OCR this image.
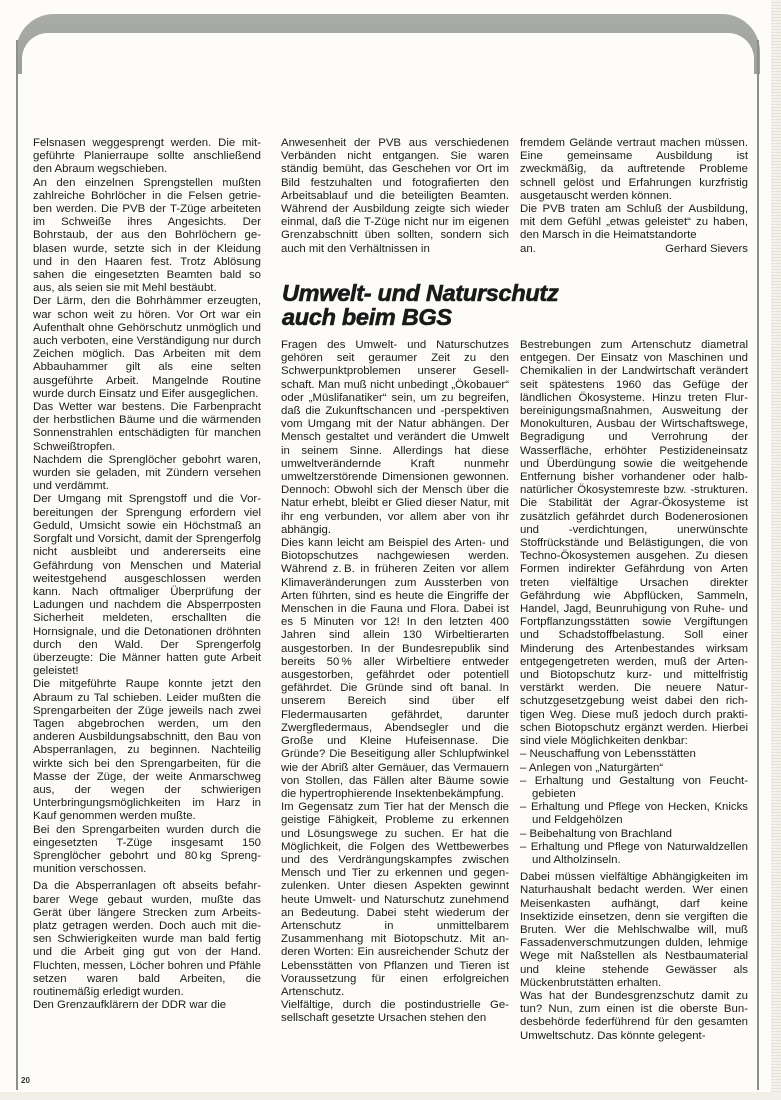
Felsnasen weggesprengt werden. Die mitgeführte Planierraupe sollte anschließend den Abraum wegschieben.

An den einzelnen Sprengstellen mußten zahlreiche Bohrlöcher in die Felsen getrieben werden. Die PVB der T-Züge arbeiteten im Schweiße ihres Angesichts. Der Bohrstaub, der aus den Bohrlöchern geblasen wurde, setzte sich in der Kleidung und in den Haaren fest. Trotz Ablösung sahen die eingesetzten Beamten bald so aus, als seien sie mit Mehl bestäubt.

Der Lärm, den die Bohrhämmer erzeugten, war schon weit zu hören. Vor Ort war ein Aufenthalt ohne Gehörschutz unmöglich und auch verboten, eine Verständigung nur durch Zeichen möglich. Das Arbeiten mit dem Abbauhammer gilt als eine selten ausgeführte Arbeit. Mangelnde Routine wurde durch Einsatz und Eifer ausgeglichen.

Das Wetter war bestens. Die Farbenpracht der herbstlichen Bäume und die wärmenden Sonnenstrahlen entschädigten für manchen Schweißtropfen.

Nachdem die Sprenglöcher gebohrt waren, wurden sie geladen, mit Zündern versehen und verdämmt.

Der Umgang mit Sprengstoff und die Vorbereitungen der Sprengung erfordern viel Geduld, Umsicht sowie ein Höchstmaß an Sorgfalt und Vorsicht, damit der Sprengerfolg nicht ausbleibt und andererseits eine Gefährdung von Menschen und Material weitestgehend ausgeschlossen werden kann. Nach oftmaliger Überprüfung der Ladungen und nachdem die Absperrposten Sicherheit meldeten, erschallten die Hornsignale, und die Detonationen dröhnten durch den Wald. Der Sprengerfolg überzeugte: Die Männer hatten gute Arbeit geleistet!

Die mitgeführte Raupe konnte jetzt den Abraum zu Tal schieben. Leider mußten die Sprengarbeiten der Züge jeweils nach zwei Tagen abgebrochen werden, um den anderen Ausbildungsabschnitt, den Bau von Absperranlagen, zu beginnen. Nachteilig wirkte sich bei den Sprengarbeiten, für die Masse der Züge, der weite Anmarschweg aus, der wegen der schwierigen Unterbringungsmöglichkeiten im Harz in Kauf genommen werden mußte.

Bei den Sprengarbeiten wurden durch die eingesetzten T-Züge insgesamt 150 Sprenglöcher gebohrt und 80 kg Sprengmunition verschossen.

Da die Absperranlagen oft abseits befahrbarer Wege gebaut wurden, mußte das Gerät über längere Strecken zum Arbeitsplatz getragen werden. Doch auch mit diesen Schwierigkeiten wurde man bald fertig und die Arbeit ging gut von der Hand. Fluchten, messen, Löcher bohren und Pfähle setzen waren bald Arbeiten, die routinemäßig erledigt wurden.

Den Grenzaufklärern der DDR war die

Anwesenheit der PVB aus verschiedenen Verbänden nicht entgangen. Sie waren ständig bemüht, das Geschehen vor Ort im Bild festzuhalten und fotografierten den Arbeitsablauf und die beteiligten Beamten. Während der Ausbildung zeigte sich wieder einmal, daß die T-Züge nicht nur im eigenen Grenzabschnitt üben sollten, sondern sich auch mit den Verhältnissen in

fremdem Gelände vertraut machen müssen. Eine gemeinsame Ausbildung ist zweckmäßig, da auftretende Probleme schnell gelöst und Erfahrungen kurzfristig ausgetauscht werden können.

Die PVB traten am Schluß der Ausbildung, mit dem Gefühl „etwas geleistet“ zu haben, den Marsch in die Heimatstandorte

an.	Gerhard Sievers
Umwelt- und Naturschutz
auch beim BGS

Fragen des Umwelt- und Naturschutzes gehören seit geraumer Zeit zu den Schwerpunktproblemen unserer Gesellschaft. Man muß nicht unbedingt „Ökobauer“ oder „Müslifanatiker“ sein, um zu begreifen, daß die Zukunftschancen und -perspektiven vom Umgang mit der Natur abhängen. Der Mensch gestaltet und verändert die Umwelt in seinem Sinne. Allerdings hat diese umweltverändernde Kraft nunmehr umweltzerstörende Dimensionen gewonnen. Dennoch: Obwohl sich der Mensch über die Natur erhebt, bleibt er Glied dieser Natur, mit ihr eng verbunden, vor allem aber von ihr abhängig.

Dies kann leicht am Beispiel des Arten- und Biotopschutzes nachgewiesen werden. Während z. B. in früheren Zeiten vor allem Klimaveränderungen zum Aussterben von Arten führten, sind es heute die Eingriffe der Menschen in die Fauna und Flora. Dabei ist es 5 Minuten vor 12! In den letzten 400 Jahren sind allein 130 Wirbeltierarten ausgestorben. In der Bundesrepublik sind bereits 50 % aller Wirbeltiere entweder ausgestorben, gefährdet oder potentiell gefährdet. Die Gründe sind oft banal. In unserem Bereich sind über elf Fledermausarten gefährdet, darunter Zwergfledermaus, Abendsegler und die Große und Kleine Hufeisennase. Die Gründe? Die Beseitigung aller Schlupfwinkel wie der Abriß alter Gemäuer, das Vermauern von Stollen, das Fällen alter Bäume sowie die hypertrophierende Insektenbekämpfung.

Im Gegensatz zum Tier hat der Mensch die geistige Fähigkeit, Probleme zu erkennen und Lösungswege zu suchen. Er hat die Möglichkeit, die Folgen des Wettbewerbes und des Verdrängungskampfes zwischen Mensch und Tier zu erkennen und gegenzulenken. Unter diesen Aspekten gewinnt heute Umwelt- und Naturschutz zunehmend an Bedeutung. Dabei steht wiederum der Artenschutz in unmittelbarem Zusammenhang mit Biotopschutz. Mit anderen Worten: Ein ausreichender Schutz der Lebensstätten von Pflanzen und Tieren ist Voraussetzung für einen erfolgreichen Artenschutz.

Vielfältige, durch die postindustrielle Gesellschaft gesetzte Ursachen stehen den

Bestrebungen zum Artenschutz diametral entgegen. Der Einsatz von Maschinen und Chemikalien in der Landwirtschaft verändert seit spätestens 1960 das Gefüge der ländlichen Ökosysteme. Hinzu treten Flurbereinigungsmaßnahmen, Ausweitung der Monokulturen, Ausbau der Wirtschaftswege, Begradigung und Verrohrung der Wasserfläche, erhöhter Pestizideneinsatz und Überdüngung sowie die weitgehende Entfernung bisher vorhandener oder halbnatürlicher Ökosystemreste bzw. -strukturen. Die Stabilität der Agrar-Ökosysteme ist zusätzlich gefährdet durch Bodenerosionen und -verdichtungen, unerwünschte Stoffrückstände und Belästigungen, die von Techno-Ökosystemen ausgehen. Zu diesen Formen indirekter Gefährdung von Arten treten vielfältige Ursachen direkter Gefährdung wie Abpflücken, Sammeln, Handel, Jagd, Beunruhigung von Ruhe- und Fortpflanzungsstätten sowie Vergiftungen und Schadstoffbelastung. Soll einer Minderung des Artenbestandes wirksam entgegengetreten werden, muß der Arten- und Biotopschutz kurz- und mittelfristig verstärkt werden. Die neuere Naturschutzgesetzgebung weist dabei den richtigen Weg. Diese muß jedoch durch praktischen Biotopschutz ergänzt werden. Hierbei sind viele Möglichkeiten denkbar:

– Neuschaffung von Lebensstätten
– Anlegen von „Naturgärten“
– Erhaltung und Gestaltung von Feuchtgebieten
– Erhaltung und Pflege von Hecken, Knicks und Feldgehölzen
– Beibehaltung von Brachland
– Erhaltung und Pflege von Naturwaldzellen und Altholzinseln.

Dabei müssen vielfältige Abhängigkeiten im Naturhaushalt bedacht werden. Wer einen Meisenkasten aufhängt, darf keine Insektizide einsetzen, denn sie vergiften die Bruten. Wer die Mehlschwalbe will, muß Fassadenverschmutzungen dulden, lehmige Wege mit Naßstellen als Nestbaumaterial und kleine stehende Gewässer als Mückenbrutstätten erhalten.

Was hat der Bundesgrenzschutz damit zu tun? Nun, zum einen ist die oberste Bundesbehörde federführend für den gesamten Umweltschutz. Das könnte gelegent-

20
